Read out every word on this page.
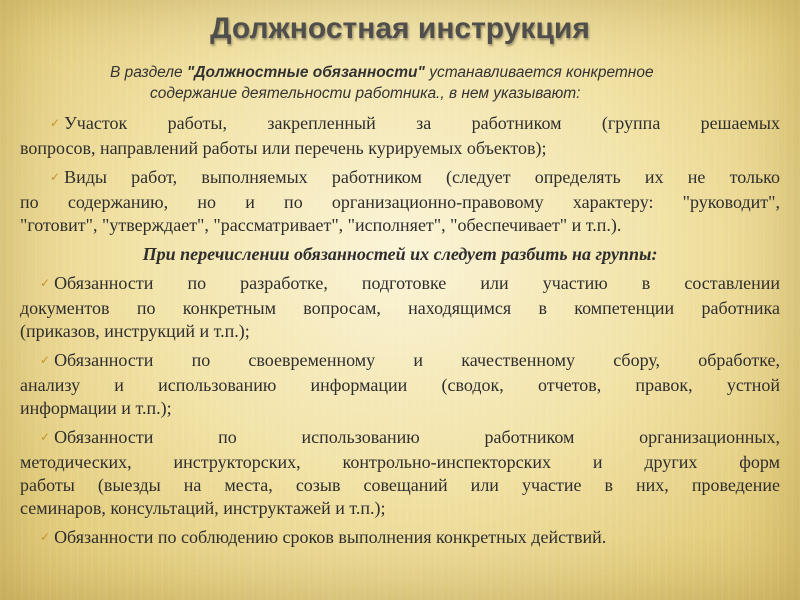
Должностная инструкция
В разделе "Должностные обязанности" устанавливается конкретное
содержание деятельности работника., в нем указывают:
✓ Участок работы, закрепленный за работником (группа решаемых
вопросов, направлений работы или перечень курируемых объектов);
✓ Виды работ, выполняемых работником (следует определять их не только
по содержанию, но и по организационно-правовому характеру: "руководит",
"готовит", "утверждает", "рассматривает", "исполняет", "обеспечивает" и т.п.).
При перечислении обязанностей их следует разбить на группы:
✓ Обязанности по разработке, подготовке или участию в составлении
документов по конкретным вопросам, находящимся в компетенции работника
(приказов, инструкций и т.п.);
✓ Обязанности по своевременному и качественному сбору, обработке,
анализу и использованию информации (сводок, отчетов, правок, устной
информации и т.п.);
✓ Обязанности по использованию работником организационных,
методических, инструкторских, контрольно-инспекторских и других форм
работы (выезды на места, созыв совещаний или участие в них, проведение
семинаров, консультаций, инструктажей и т.п.);
✓ Обязанности по соблюдению сроков выполнения конкретных действий.
